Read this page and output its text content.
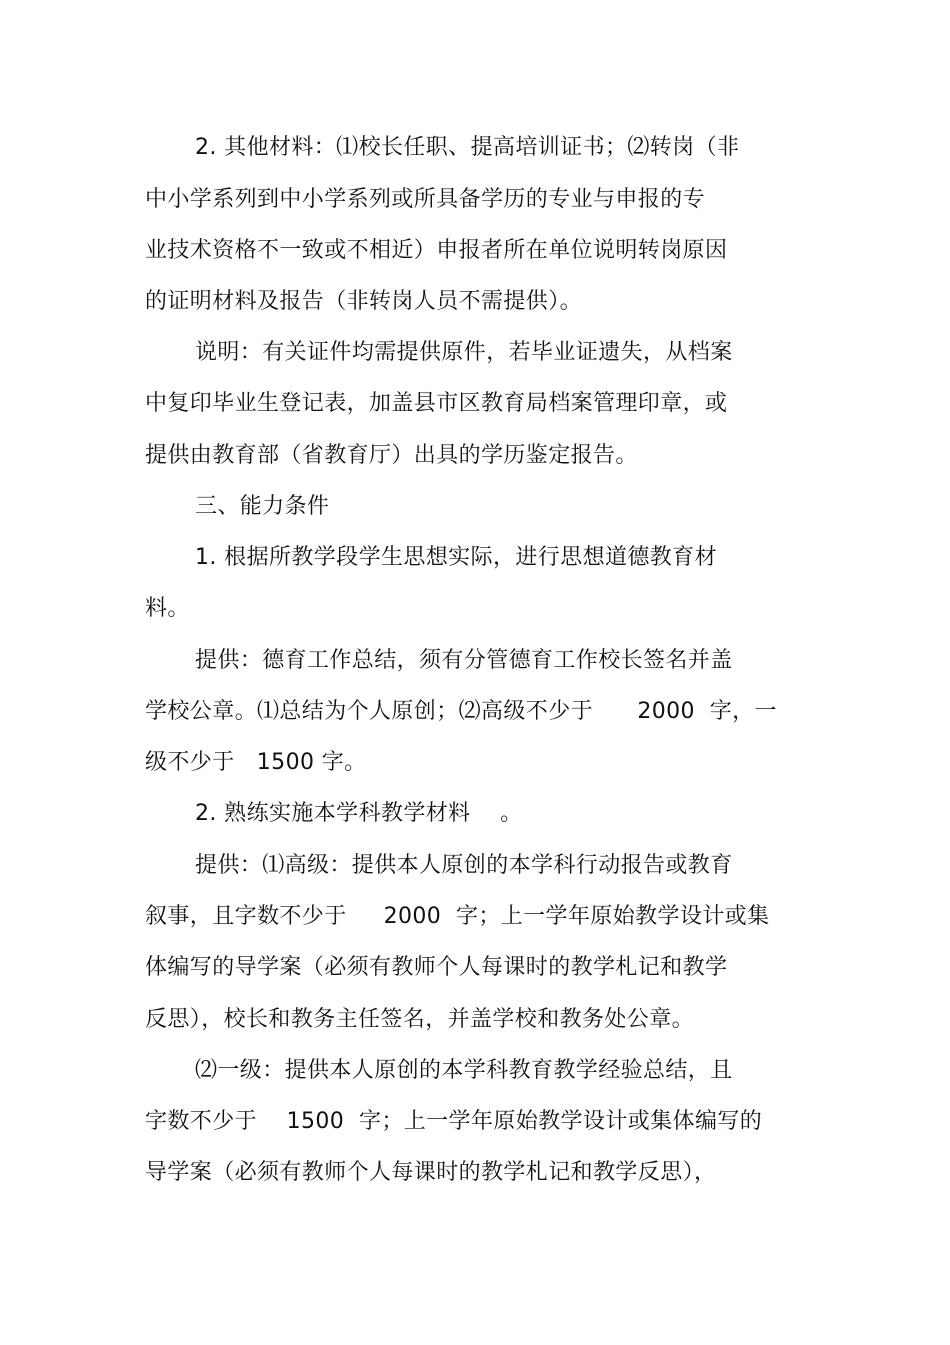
2. 其他材料：⑴校长任职、提高培训证书；⑵转岗（非
中小学系列到中小学系列或所具备学历的专业与申报的专
业技术资格不一致或不相近）申报者所在单位说明转岗原因
的证明材料及报告（非转岗人员不需提供）。
说明：有关证件均需提供原件，若毕业证遗失，从档案
中复印毕业生登记表，加盖县市区教育局档案管理印章，或
提供由教育部（省教育厅）出具的学历鉴定报告。
三、能力条件
1. 根据所教学段学生思想实际，进行思想道德教育材
料。
提供：德育工作总结，须有分管德育工作校长签名并盖
学校公章。⑴总结为个人原创；⑵高级不少于      2000  字，一
级不少于   1500 字。
2. 熟练实施本学科教学材料    。
提供：⑴高级：提供本人原创的本学科行动报告或教育
叙事，且字数不少于     2000  字；上一学年原始教学设计或集
体编写的导学案（必须有教师个人每课时的教学札记和教学
反思），校长和教务主任签名，并盖学校和教务处公章。
⑵一级：提供本人原创的本学科教育教学经验总结，且
字数不少于    1500  字；上一学年原始教学设计或集体编写的
导学案（必须有教师个人每课时的教学札记和教学反思），
